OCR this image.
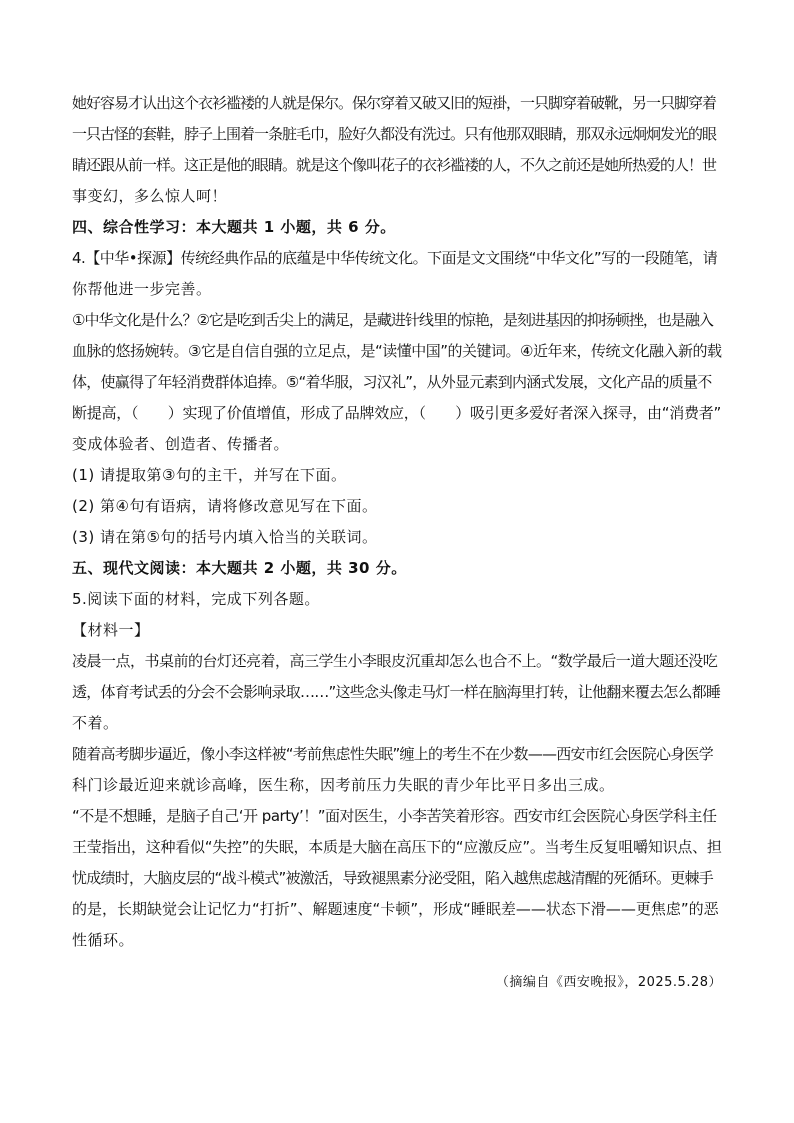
她好容易才认出这个衣衫褴褛的人就是保尔。保尔穿着又破又旧的短褂，一只脚穿着破靴，另一只脚穿着
一只古怪的套鞋，脖子上围着一条脏毛巾，脸好久都没有洗过。只有他那双眼睛，那双永远炯炯发光的眼
睛还跟从前一样。这正是他的眼睛。就是这个像叫花子的衣衫褴褛的人，不久之前还是她所热爱的人！世
事变幻，多么惊人呵！
四、综合性学习：本大题共 1 小题，共 6 分。
4.【中华•探源】传统经典作品的底蕴是中华传统文化。下面是文文围绕“中华文化”写的一段随笔，请
你帮他进一步完善。
①中华文化是什么？②它是吃到舌尖上的满足，是藏进针线里的惊艳，是刻进基因的抑扬顿挫，也是融入
血脉的悠扬婉转。③它是自信自强的立足点，是“读懂中国”的关键词。④近年来，传统文化融入新的载
体，使赢得了年轻消费群体追捧。⑤“着华服，习汉礼”，从外显元素到内涵式发展，文化产品的质量不
断提高，（　　）实现了价值增值，形成了品牌效应，（　　）吸引更多爱好者深入探寻，由“消费者”
变成体验者、创造者、传播者。
(1) 请提取第③句的主干，并写在下面。
(2) 第④句有语病，请将修改意见写在下面。
(3) 请在第⑤句的括号内填入恰当的关联词。
五、现代文阅读：本大题共 2 小题，共 30 分。
5.阅读下面的材料，完成下列各题。
【材料一】
凌晨一点，书桌前的台灯还亮着，高三学生小李眼皮沉重却怎么也合不上。“数学最后一道大题还没吃
透，体育考试丢的分会不会影响录取……”这些念头像走马灯一样在脑海里打转，让他翻来覆去怎么都睡
不着。
随着高考脚步逼近，像小李这样被“考前焦虑性失眠”缠上的考生不在少数——西安市红会医院心身医学
科门诊最近迎来就诊高峰，医生称，因考前压力失眠的青少年比平日多出三成。
“不是不想睡，是脑子自己‘开 party’！”面对医生，小李苦笑着形容。西安市红会医院心身医学科主任
王莹指出，这种看似“失控”的失眠，本质是大脑在高压下的“应激反应”。当考生反复咀嚼知识点、担
忧成绩时，大脑皮层的“战斗模式”被激活，导致褪黑素分泌受阻，陷入越焦虑越清醒的死循环。更棘手
的是，长期缺觉会让记忆力“打折”、解题速度“卡顿”，形成“睡眠差——状态下滑——更焦虑”的恶
性循环。
（摘编自《西安晚报》，2025.5.28）
